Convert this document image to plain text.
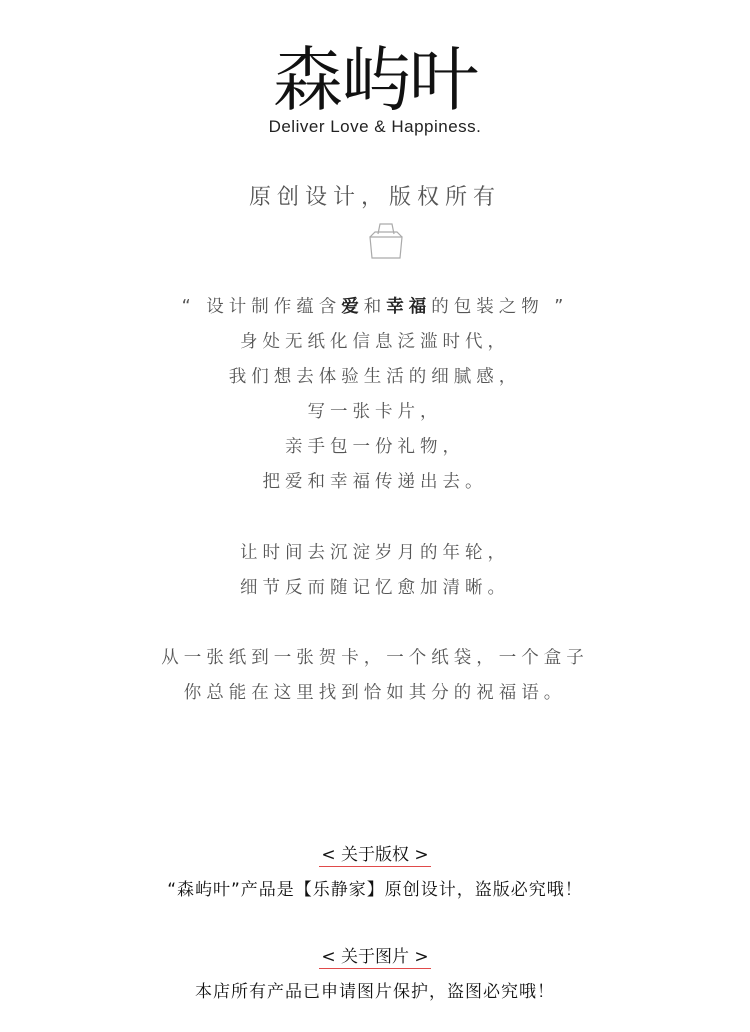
森屿叶
Deliver Love & Happiness.
原创设计，版权所有
“ 设计制作蕴含爱和幸福的包装之物 ”
身处无纸化信息泛滥时代，
我们想去体验生活的细腻感，
写一张卡片，
亲手包一份礼物，
把爱和幸福传递出去。
让时间去沉淀岁月的年轮，
细节反而随记忆愈加清晰。
从一张纸到一张贺卡，一个纸袋，一个盒子
你总能在这里找到恰如其分的祝福语。
< 关于版权 >
“森屿叶”产品是【乐静家】原创设计，盗版必究哦！
< 关于图片 >
本店所有产品已申请图片保护，盗图必究哦！
